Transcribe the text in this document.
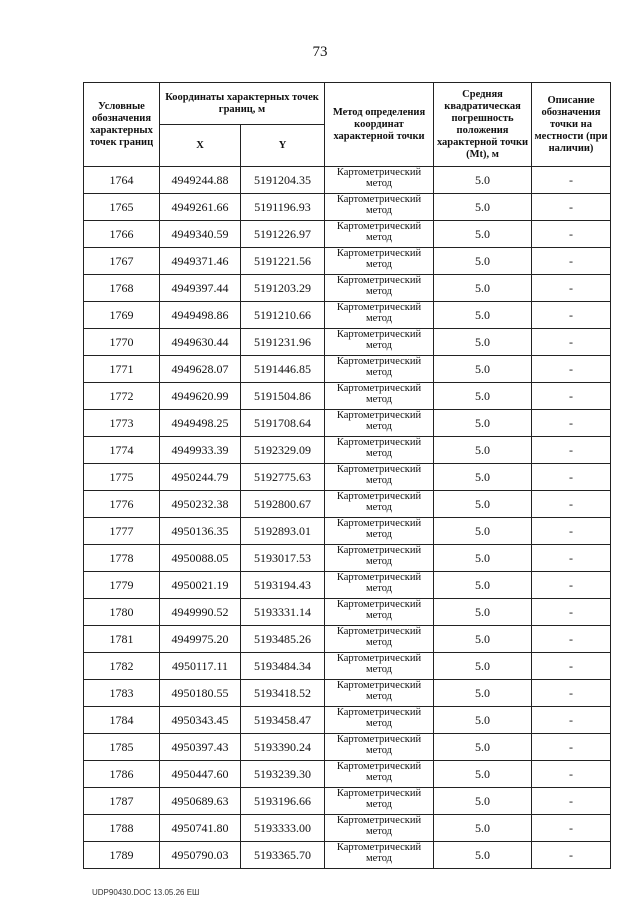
73
Условные обозначения характерных точек границ	Координаты характерных точек границ, м		Метод определения координат характерной точки	Средняя квадратическая погрешность положения характерной точки (Mt), м	Описание обозначения точки на местности (при наличии)
	X	Y			
1764	4949244.88	5191204.35	Картометрический метод	5.0	-
1765	4949261.66	5191196.93	Картометрический метод	5.0	-
1766	4949340.59	5191226.97	Картометрический метод	5.0	-
1767	4949371.46	5191221.56	Картометрический метод	5.0	-
1768	4949397.44	5191203.29	Картометрический метод	5.0	-
1769	4949498.86	5191210.66	Картометрический метод	5.0	-
1770	4949630.44	5191231.96	Картометрический метод	5.0	-
1771	4949628.07	5191446.85	Картометрический метод	5.0	-
1772	4949620.99	5191504.86	Картометрический метод	5.0	-
1773	4949498.25	5191708.64	Картометрический метод	5.0	-
1774	4949933.39	5192329.09	Картометрический метод	5.0	-
1775	4950244.79	5192775.63	Картометрический метод	5.0	-
1776	4950232.38	5192800.67	Картометрический метод	5.0	-
1777	4950136.35	5192893.01	Картометрический метод	5.0	-
1778	4950088.05	5193017.53	Картометрический метод	5.0	-
1779	4950021.19	5193194.43	Картометрический метод	5.0	-
1780	4949990.52	5193331.14	Картометрический метод	5.0	-
1781	4949975.20	5193485.26	Картометрический метод	5.0	-
1782	4950117.11	5193484.34	Картометрический метод	5.0	-
1783	4950180.55	5193418.52	Картометрический метод	5.0	-
1784	4950343.45	5193458.47	Картометрический метод	5.0	-
1785	4950397.43	5193390.24	Картометрический метод	5.0	-
1786	4950447.60	5193239.30	Картометрический метод	5.0	-
1787	4950689.63	5193196.66	Картометрический метод	5.0	-
1788	4950741.80	5193333.00	Картометрический метод	5.0	-
1789	4950790.03	5193365.70	Картометрический метод	5.0	-
UDP90430.DOC 13.05.26 ЕШ
